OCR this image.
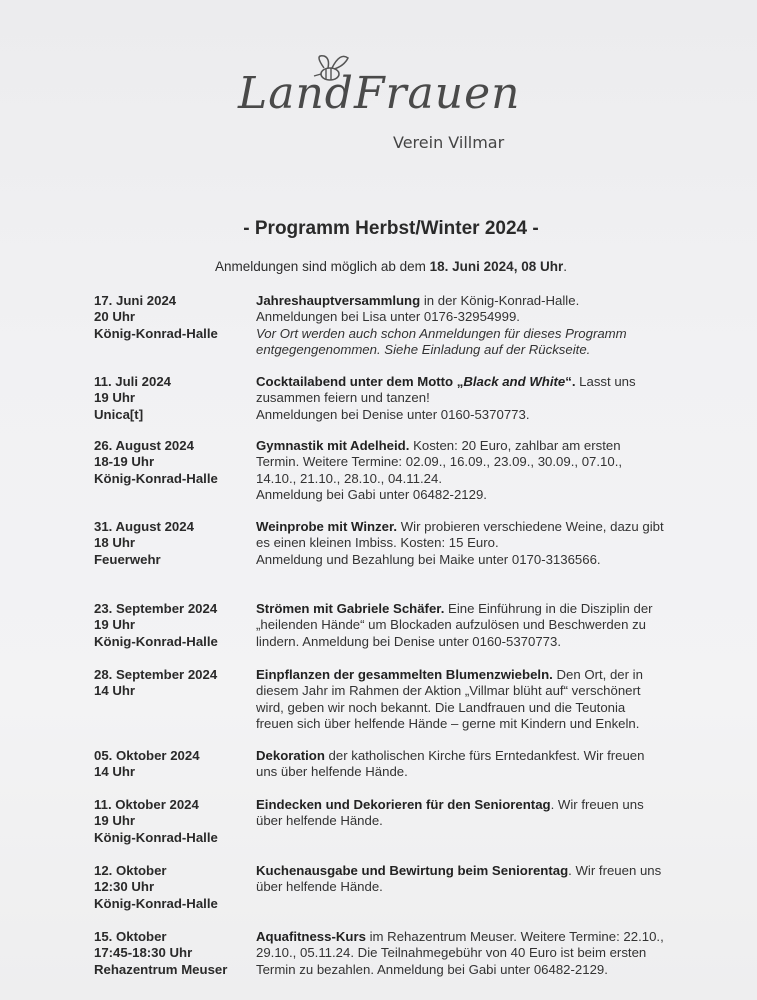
LandFrauen
Verein Villmar
- Programm Herbst/Winter 2024 -
Anmeldungen sind möglich ab dem 18. Juni 2024, 08 Uhr.
17. Juni 2024
20 Uhr
König-Konrad-Halle
Jahreshauptversammlung in der König-Konrad-Halle.
Anmeldungen bei Lisa unter 0176-32954999.
Vor Ort werden auch schon Anmeldungen für dieses Programm
entgegengenommen. Siehe Einladung auf der Rückseite.
11. Juli 2024
19 Uhr
Unica[t]
Cocktailabend unter dem Motto „Black and White“. Lasst uns
zusammen feiern und tanzen!
Anmeldungen bei Denise unter 0160-5370773.
26. August 2024
18-19 Uhr
König-Konrad-Halle
Gymnastik mit Adelheid. Kosten: 20 Euro, zahlbar am ersten
Termin. Weitere Termine: 02.09., 16.09., 23.09., 30.09., 07.10.,
14.10., 21.10., 28.10., 04.11.24.
Anmeldung bei Gabi unter 06482-2129.
31. August 2024
18 Uhr
Feuerwehr
Weinprobe mit Winzer. Wir probieren verschiedene Weine, dazu gibt
es einen kleinen Imbiss. Kosten: 15 Euro.
Anmeldung und Bezahlung bei Maike unter 0170-3136566.
23. September 2024
19 Uhr
König-Konrad-Halle
Strömen mit Gabriele Schäfer. Eine Einführung in die Disziplin der
„heilenden Hände“ um Blockaden aufzulösen und Beschwerden zu
lindern. Anmeldung bei Denise unter 0160-5370773.
28. September 2024
14 Uhr
Einpflanzen der gesammelten Blumenzwiebeln. Den Ort, der in
diesem Jahr im Rahmen der Aktion „Villmar blüht auf“ verschönert
wird, geben wir noch bekannt. Die Landfrauen und die Teutonia
freuen sich über helfende Hände – gerne mit Kindern und Enkeln.
05. Oktober 2024
14 Uhr
Dekoration der katholischen Kirche fürs Erntedankfest. Wir freuen
uns über helfende Hände.
11. Oktober 2024
19 Uhr
König-Konrad-Halle
Eindecken und Dekorieren für den Seniorentag. Wir freuen uns
über helfende Hände.
12. Oktober
12:30 Uhr
König-Konrad-Halle
Kuchenausgabe und Bewirtung beim Seniorentag. Wir freuen uns
über helfende Hände.
15. Oktober
17:45-18:30 Uhr
Rehazentrum Meuser
Aquafitness-Kurs im Rehazentrum Meuser. Weitere Termine: 22.10.,
29.10., 05.11.24. Die Teilnahmegebühr von 40 Euro ist beim ersten
Termin zu bezahlen. Anmeldung bei Gabi unter 06482-2129.
